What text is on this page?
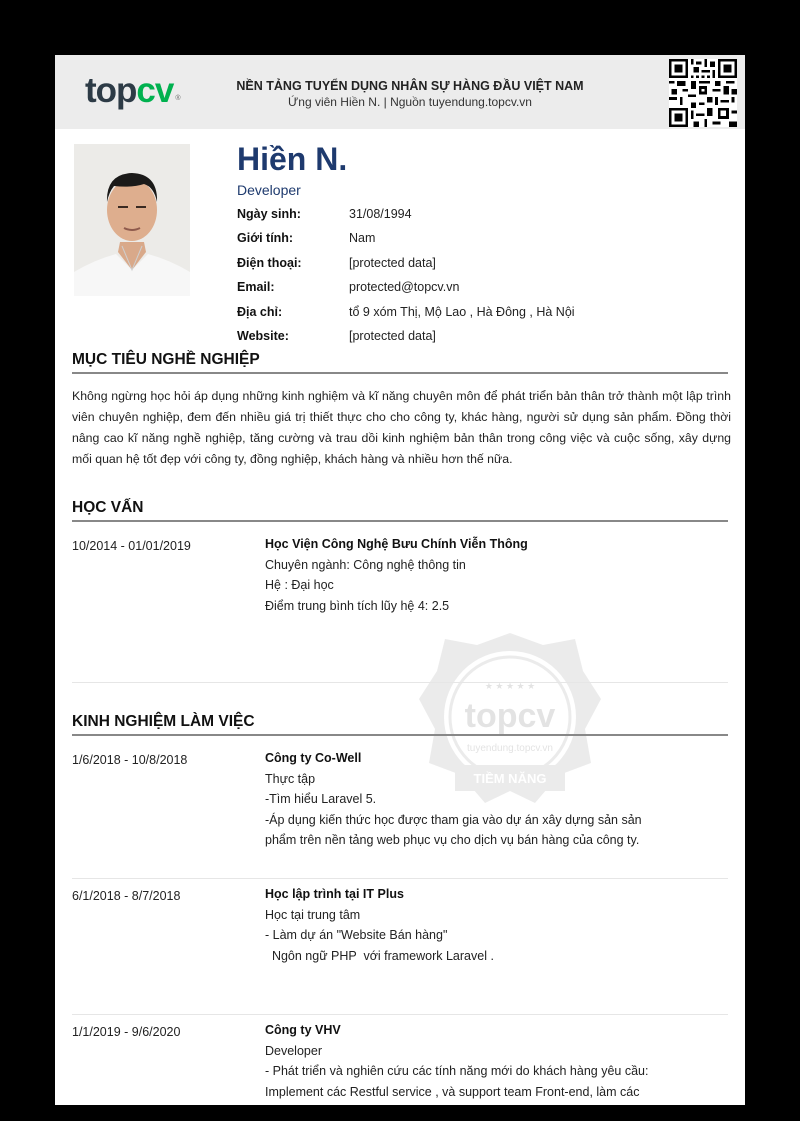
topcv ®
NỀN TẢNG TUYỂN DỤNG NHÂN SỰ HÀNG ĐẦU VIỆT NAM
Ứng viên Hiền N. | Nguồn tuyendung.topcv.vn
Hiền N.
Developer
Ngày sinh:	31/08/1994
Giới tính:	Nam
Điện thoại:	[protected data]
Email:	protected@topcv.vn
Địa chỉ:	tổ 9 xóm Thị, Mộ Lao , Hà Đông , Hà Nội
Website:	[protected data]
MỤC TIÊU NGHỀ NGHIỆP
Không ngừng học hỏi áp dụng những kinh nghiệm và kĩ năng chuyên môn để phát triển bản thân trở thành một lập trình viên chuyên nghiệp, đem đến nhiều giá trị thiết thực cho cho công ty, khác hàng, người sử dụng sản phẩm. Đồng thời nâng cao kĩ năng nghề nghiệp, tăng cường và trau dồi kinh nghiệm bản thân trong công việc và cuộc sống, xây dựng mối quan hệ tốt đẹp với công ty, đồng nghiệp, khách hàng và nhiều hơn thế nữa.
topcv
★ ★ ★ ★ ★
tuyendung.topcv.vn
TIỀM NĂNG
HỌC VẤN
10/2014 - 01/01/2019	Học Viện Công Nghệ Bưu Chính Viễn Thông
Chuyên ngành: Công nghệ thông tin
Hệ : Đại học
Điểm trung bình tích lũy hệ 4: 2.5
KINH NGHIỆM LÀM VIỆC
1/6/2018 - 10/8/2018	Công ty Co-Well
Thực tập
-Tìm hiểu Laravel 5.
-Áp dụng kiến thức học được tham gia vào dự án xây dựng sản sản
phẩm trên nền tảng web phục vụ cho dịch vụ bán hàng của công ty.
6/1/2018 - 8/7/2018	Học lập trình tại IT Plus
Học tại trung tâm
- Làm dự án "Website Bán hàng"
Ngôn ngữ PHP  với framework Laravel .
1/1/2019 - 9/6/2020	Công ty VHV
Developer
- Phát triển và nghiên cứu các tính năng mới do khách hàng yêu cầu:
Implement các Restful service , và support team Front-end, làm các
